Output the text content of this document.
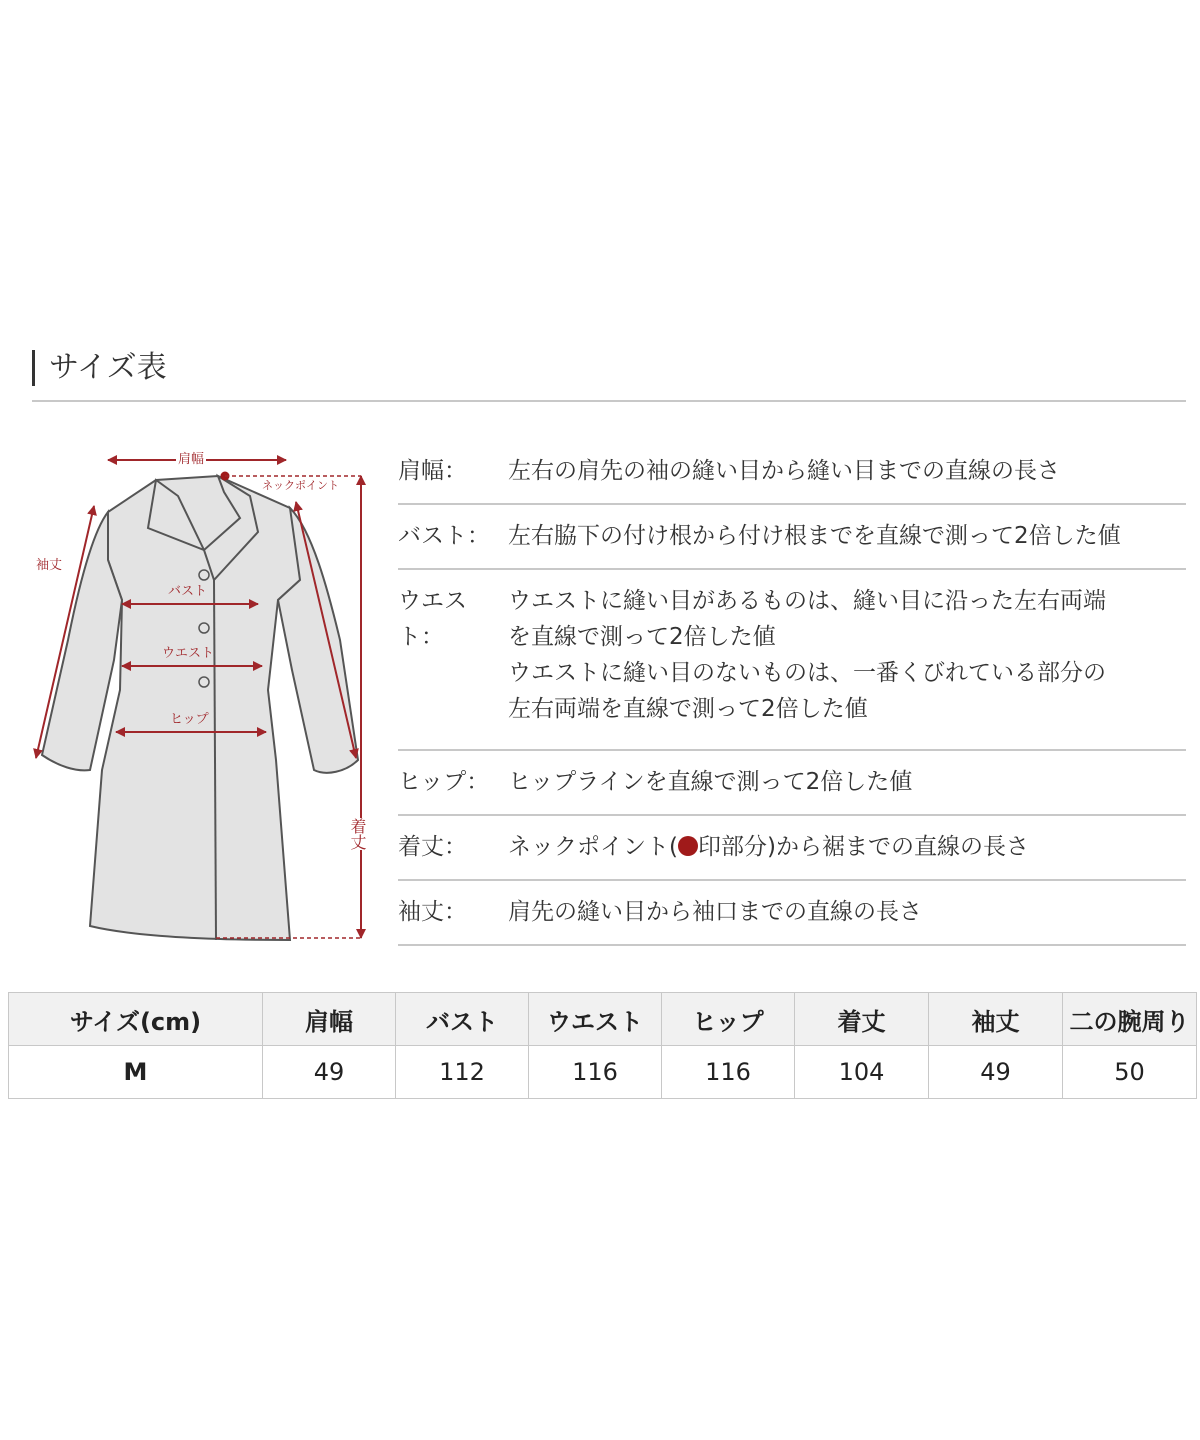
サイズ表
肩幅
ネックポイント
袖丈
バスト
ウエスト
ヒップ
着丈
肩幅：	左右の肩先の袖の縫い目から縫い目までの直線の長さ
バスト： 左右脇下の付け根から付け根までを直線で測って2倍した値
ウエスト：
ウエストに縫い目があるものは、縫い目に沿った左右両端
を直線で測って2倍した値
ウエストに縫い目のないものは、一番くびれている部分の
左右両端を直線で測って2倍した値
ヒップ： ヒップラインを直線で測って2倍した値
着丈：	ネックポイント( 印部分)から裾までの直線の長さ
袖丈：	肩先の縫い目から袖口までの直線の長さ
サイズ(cm)	肩幅	バスト	ウエスト	ヒップ	着丈	袖丈	二の腕周り
M	49	112	116	116	104	49	50
